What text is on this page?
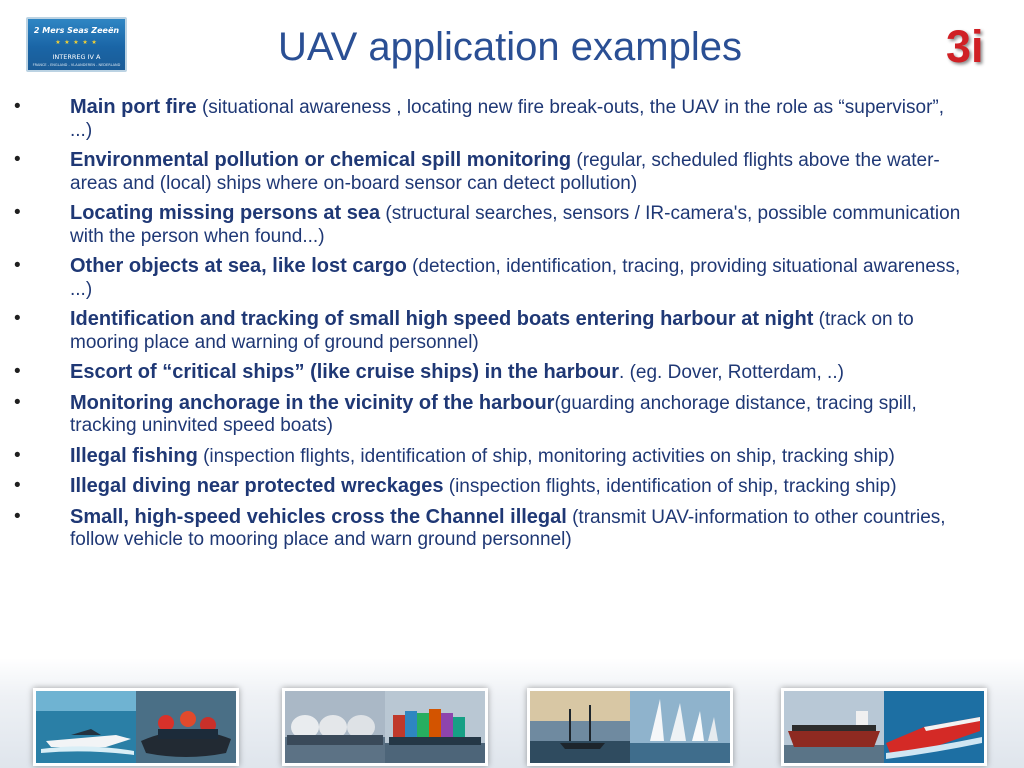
2 Mers Seas Zeeën
★ ★ ★ ★ ★
INTERREG IV A
FRANCE - ENGLAND - VLAANDEREN - NEDERLAND	UAV application examples	3i
• Main port fire (situational awareness , locating new fire break-outs, the UAV in the role as “supervisor”, ...)
• Environmental pollution or chemical spill monitoring (regular, scheduled flights above the water-areas and (local) ships where on-board sensor can detect pollution)
• Locating missing persons at sea (structural searches, sensors / IR-camera's, possible communication with the person when found...)
• Other objects at sea, like lost cargo (detection, identification, tracing, providing situational awareness, ...)
• Identification and tracking of small high speed boats entering harbour at night (track on to mooring place and warning of ground personnel)
• Escort of “critical ships” (like cruise ships) in the harbour. (eg. Dover, Rotterdam, ..)
• Monitoring anchorage in the vicinity of the harbour(guarding anchorage distance, tracing spill, tracking uninvited speed boats)
• Illegal fishing (inspection flights, identification of ship, monitoring activities on ship, tracking ship)
• Illegal diving near protected wreckages (inspection flights, identification of ship, tracking ship)
• Small, high-speed vehicles cross the Channel illegal (transmit UAV-information to other countries, follow vehicle to mooring place and warn ground personnel)
